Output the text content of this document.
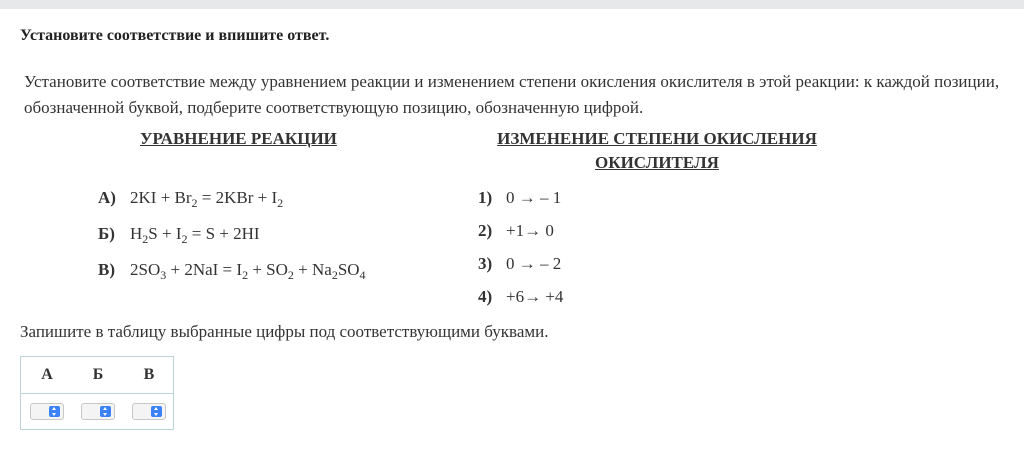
Установите соответствие и впишите ответ.
Установите соответствие между уравнением реакции и изменением степени окисления окислителя в этой реакции: к каждой позиции, обозначенной буквой, подберите соответствующую позицию, обозначенную цифрой.
УРАВНЕНИЕ РЕАКЦИИ	ИЗМЕНЕНИЕ СТЕПЕНИ ОКИСЛЕНИЯ
ОКИСЛИТЕЛЯ
А) $2KI + Br_2 = 2KBr + I_2$
Б) $H_2S + I_2 = S + 2HI$
В) $2SO_3 + 2NaI = I_2 + SO_2 + Na_2SO_4$
1) 0 → – 1
2) +1→ 0
3) 0 → – 2
4) +6→ +4
Запишите в таблицу выбранные цифры под соответствующими буквами.
А	Б	В
